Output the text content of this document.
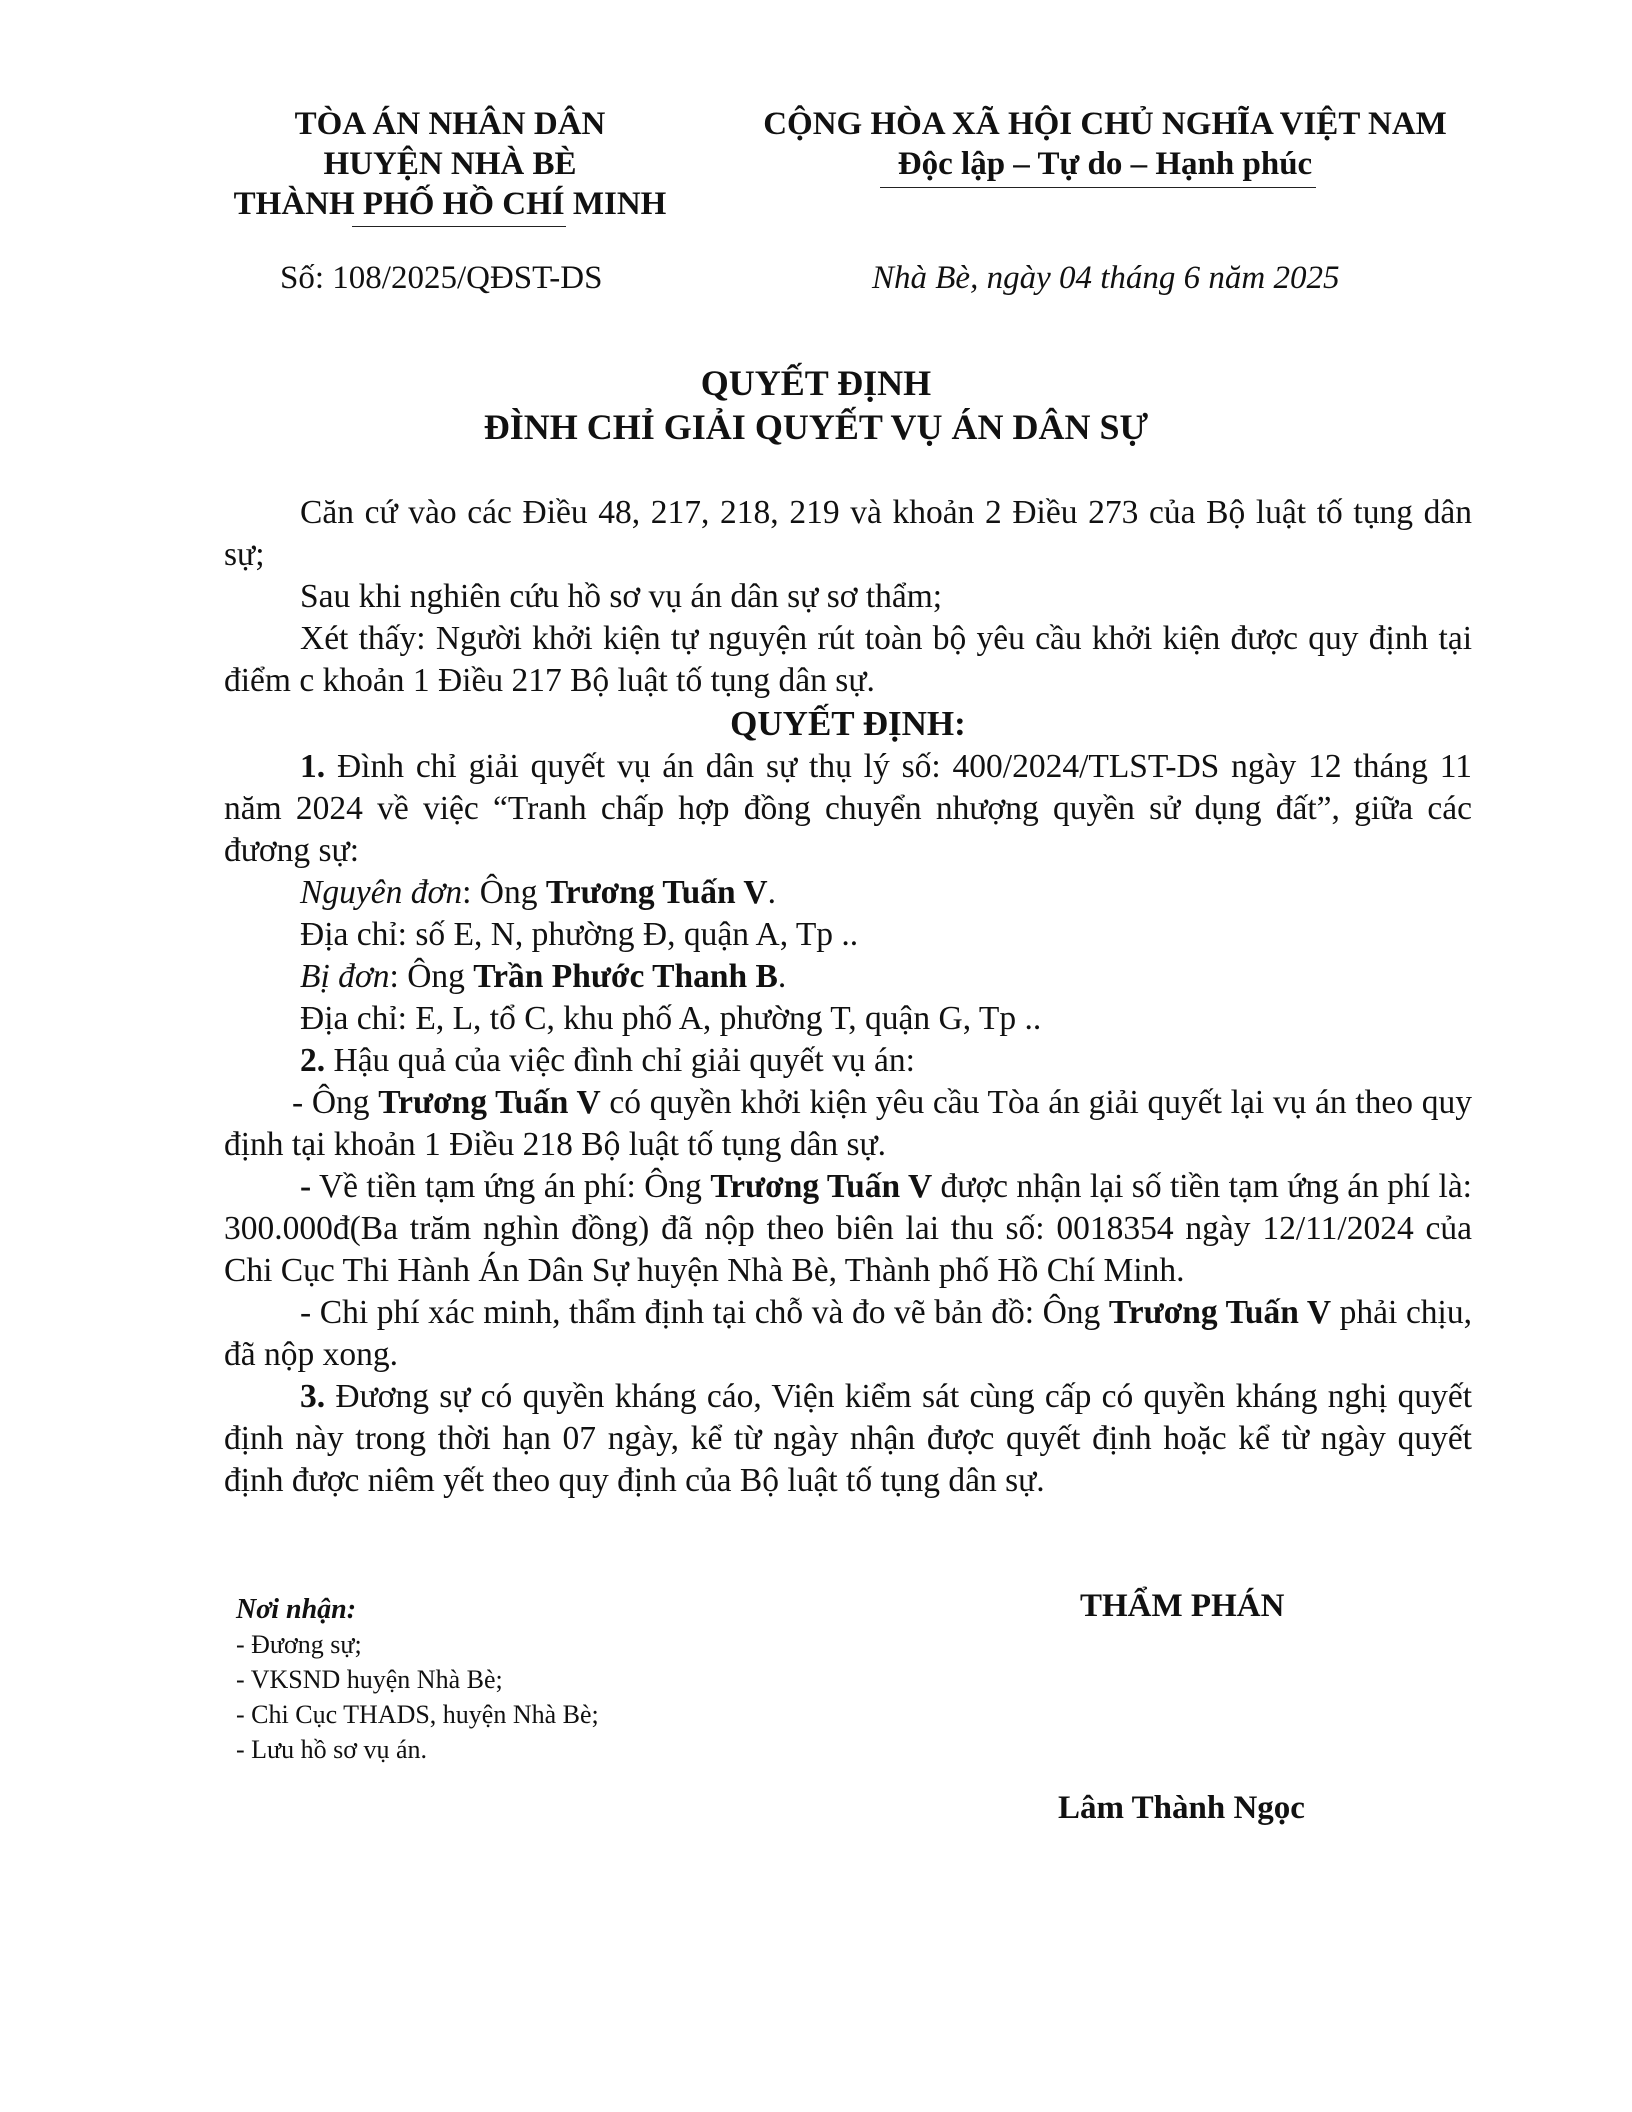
TÒA ÁN NHÂN DÂN
HUYỆN NHÀ BÈ
THÀNH PHỐ HỒ CHÍ MINH
CỘNG HÒA XÃ HỘI CHỦ NGHĨA VIỆT NAM
Độc lập – Tự do – Hạnh phúc
Số: 108/2025/QĐST-DS	Nhà Bè, ngày 04 tháng 6 năm 2025
QUYẾT ĐỊNH
ĐÌNH CHỈ GIẢI QUYẾT VỤ ÁN DÂN SỰ

Căn cứ vào các Điều 48, 217, 218, 219 và khoản 2 Điều 273 của Bộ luật tố tụng dân sự;

Sau khi nghiên cứu hồ sơ vụ án dân sự sơ thẩm;

Xét thấy: Người khởi kiện tự nguyện rút toàn bộ yêu cầu khởi kiện được quy định tại điểm c khoản 1 Điều 217 Bộ luật tố tụng dân sự.

QUYẾT ĐỊNH:

1. Đình chỉ giải quyết vụ án dân sự thụ lý số: 400/2024/TLST-DS ngày 12 tháng 11 năm 2024 về việc “Tranh chấp hợp đồng chuyển nhượng quyền sử dụng đất”, giữa các đương sự:

Nguyên đơn: Ông Trương Tuấn V.

Địa chỉ: số E, N, phường Đ, quận A, Tp ..

Bị đơn: Ông Trần Phước Thanh B.

Địa chỉ: E, L, tổ C, khu phố A, phường T, quận G, Tp ..

2. Hậu quả của việc đình chỉ giải quyết vụ án:

- Ông Trương Tuấn V có quyền khởi kiện yêu cầu Tòa án giải quyết lại vụ án theo quy định tại khoản 1 Điều 218 Bộ luật tố tụng dân sự.

- Về tiền tạm ứng án phí: Ông Trương Tuấn V được nhận lại số tiền tạm ứng án phí là: 300.000đ(Ba trăm nghìn đồng) đã nộp theo biên lai thu số: 0018354 ngày 12/11/2024 của Chi Cục Thi Hành Án Dân Sự huyện Nhà Bè, Thành phố Hồ Chí Minh.

- Chi phí xác minh, thẩm định tại chỗ và đo vẽ bản đồ: Ông Trương Tuấn V phải chịu, đã nộp xong.

3. Đương sự có quyền kháng cáo, Viện kiểm sát cùng cấp có quyền kháng nghị quyết định này trong thời hạn 07 ngày, kể từ ngày nhận được quyết định hoặc kể từ ngày quyết định được niêm yết theo quy định của Bộ luật tố tụng dân sự.

Nơi nhận:
- Đương sự;
- VKSND huyện Nhà Bè;
- Chi Cục THADS, huyện Nhà Bè;
- Lưu hồ sơ vụ án.
THẨM PHÁN
Lâm Thành Ngọc
